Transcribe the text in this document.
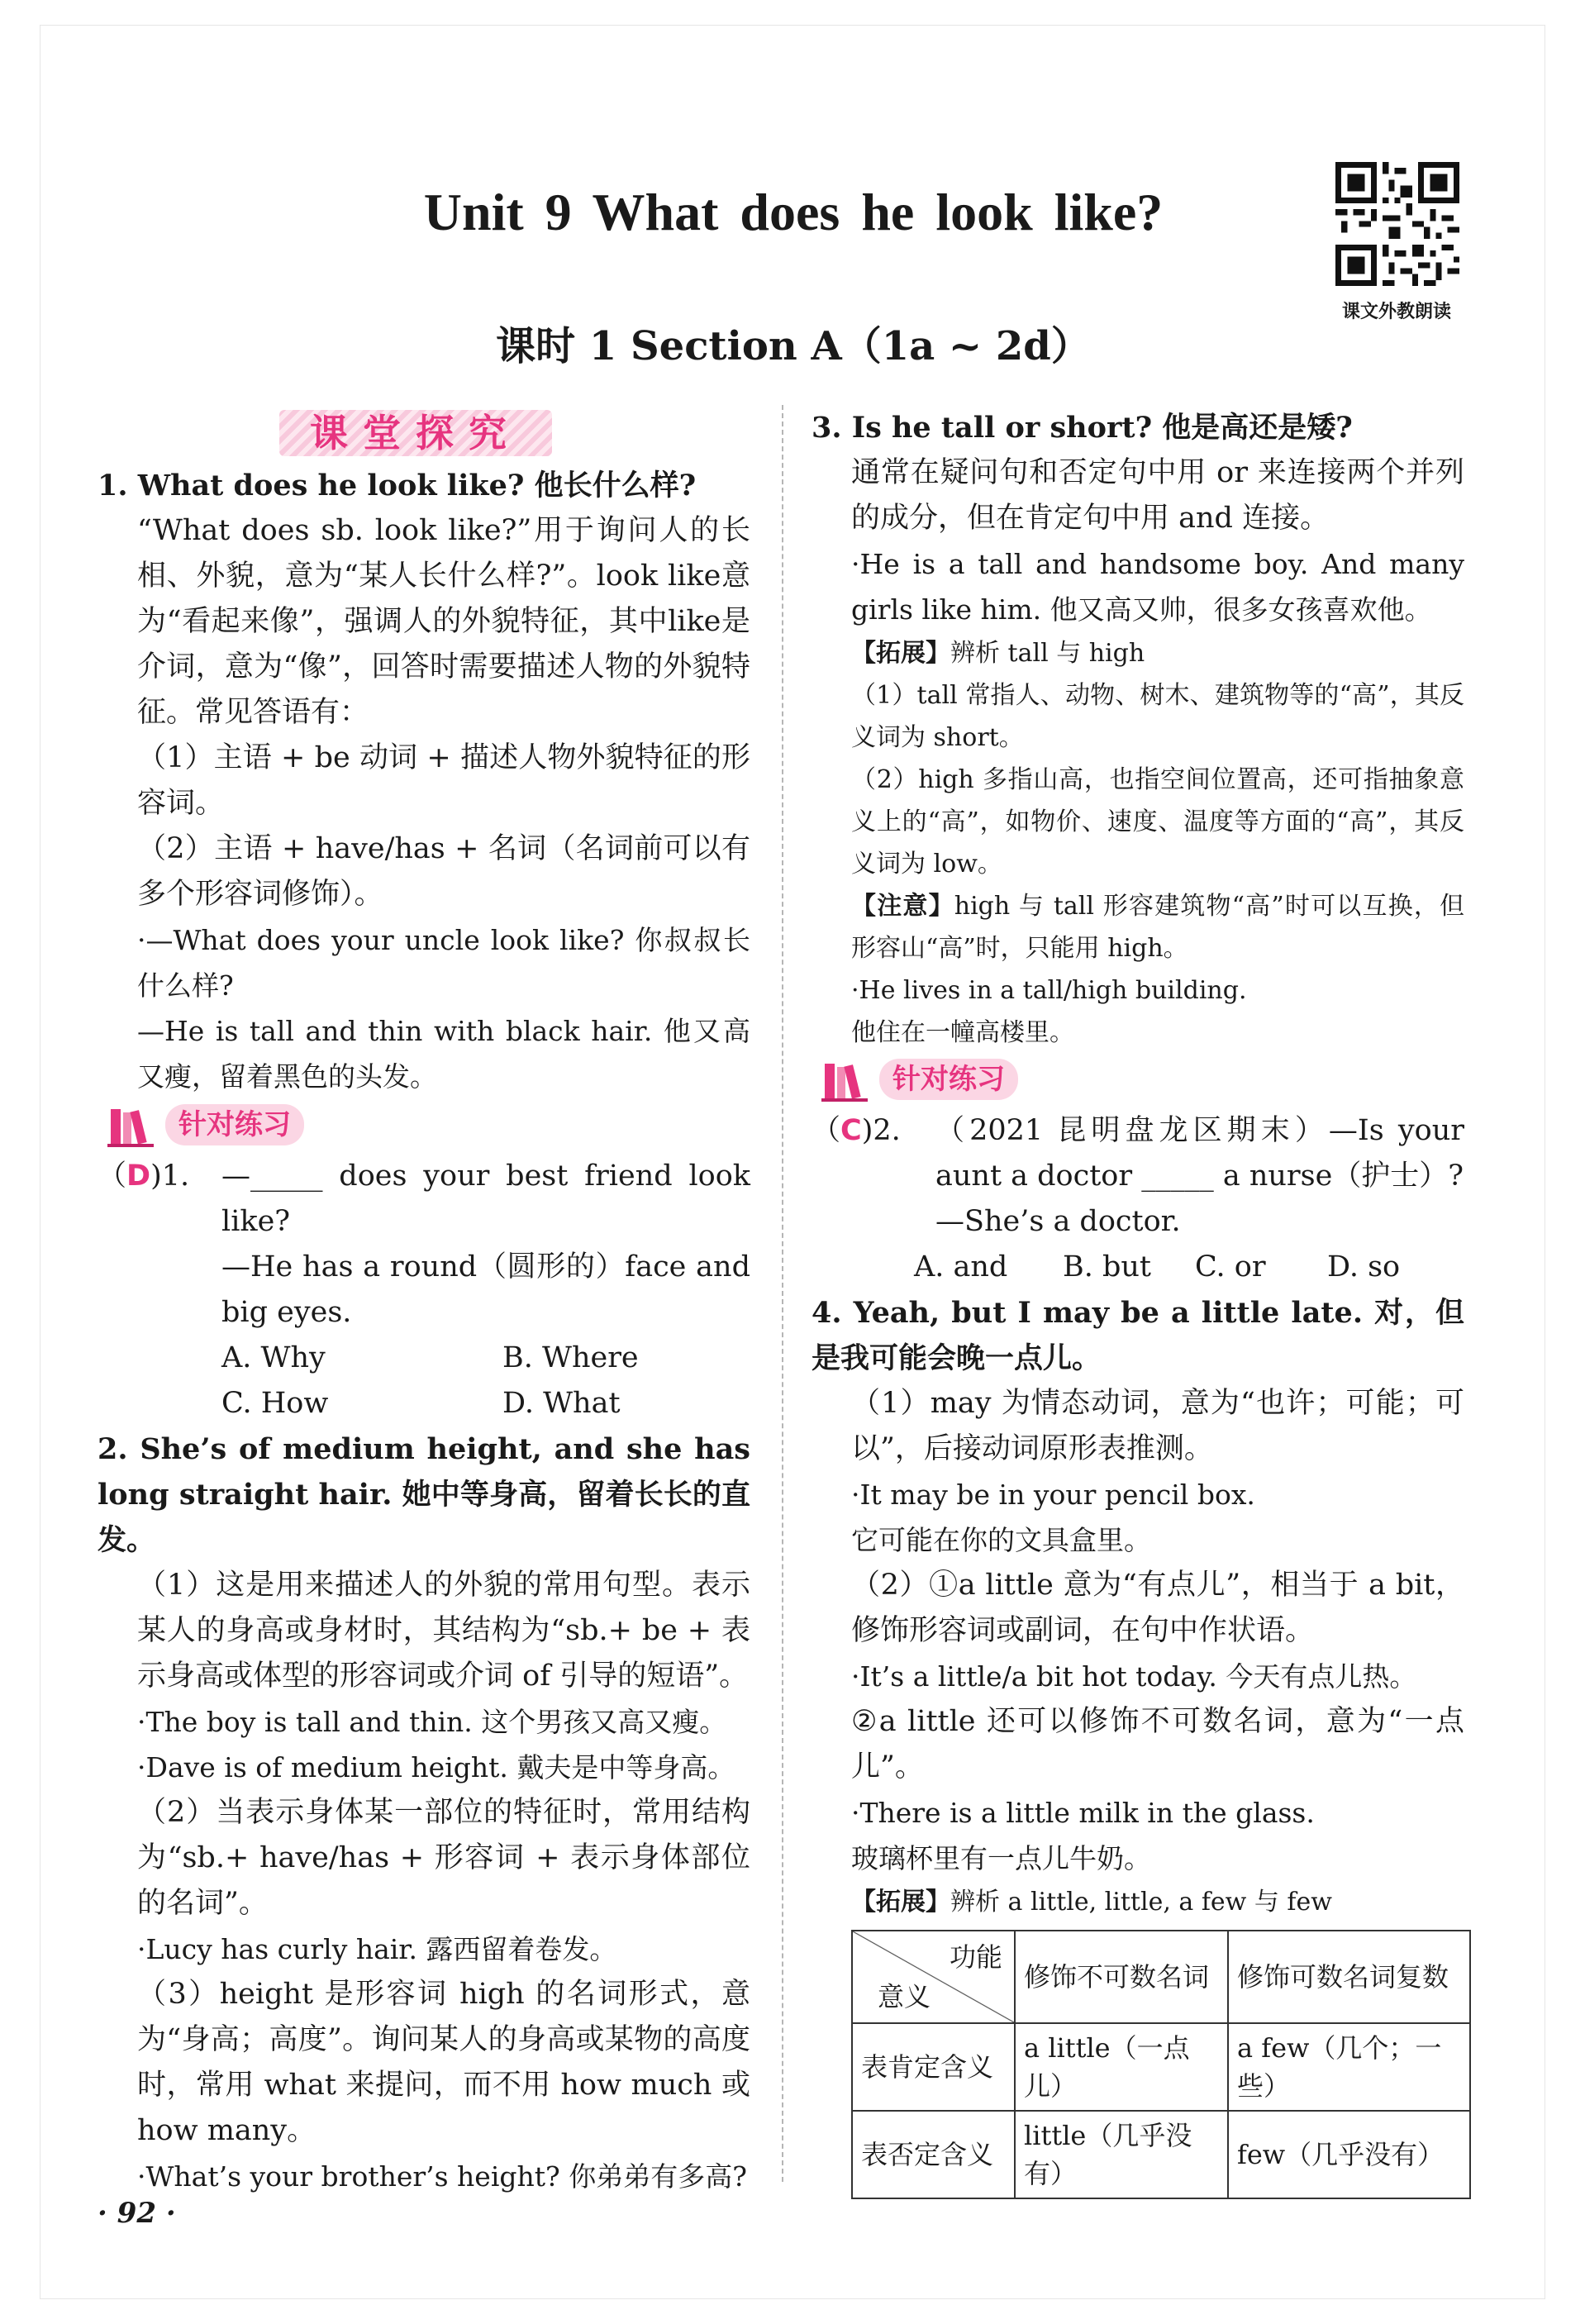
Unit 9 What does he look like?
课时 1 Section A（1a ~ 2d）
课文外教朗读
课堂探究

1. What does he look like? 他长什么样?

“What does sb. look like?”用于询问人的长相、外貌，意为“某人长什么样?”。look like意为“看起来像”，强调人的外貌特征，其中like是介词，意为“像”，回答时需要描述人物的外貌特征。常见答语有：

（1）主语 + be 动词 + 描述人物外貌特征的形容词。

（2）主语 + have/has + 名词（名词前可以有多个形容词修饰）。

·—What does your uncle look like? 你叔叔长什么样?

—He is tall and thin with black hair. 他又高又瘦，留着黑色的头发。

针对练习
（D)1.	—_____ does your best friend look like?

—He has a round（圆形的）face and big eyes.

A. Why	B. Where
C. How	D. What

2. She’s of medium height, and she has long straight hair. 她中等身高，留着长长的直发。

（1）这是用来描述人的外貌的常用句型。表示某人的身高或身材时，其结构为“sb.+ be + 表示身高或体型的形容词或介词 of 引导的短语”。

·The boy is tall and thin. 这个男孩又高又瘦。

·Dave is of medium height. 戴夫是中等身高。

（2）当表示身体某一部位的特征时，常用结构为“sb.+ have/has + 形容词 + 表示身体部位的名词”。

·Lucy has curly hair. 露西留着卷发。

（3）height 是形容词 high 的名词形式，意为“身高；高度”。询问某人的身高或某物的高度时，常用 what 来提问，而不用 how much 或 how many。

·What’s your brother’s height? 你弟弟有多高?

3. Is he tall or short? 他是高还是矮?

通常在疑问句和否定句中用 or 来连接两个并列的成分，但在肯定句中用 and 连接。

·He is a tall and handsome boy. And many girls like him. 他又高又帅，很多女孩喜欢他。

【拓展】辨析 tall 与 high

（1）tall 常指人、动物、树木、建筑物等的“高”，其反义词为 short。

（2）high 多指山高，也指空间位置高，还可指抽象意义上的“高”，如物价、速度、温度等方面的“高”，其反义词为 low。

【注意】high 与 tall 形容建筑物“高”时可以互换，但形容山“高”时，只能用 high。

·He lives in a tall/high building.

他住在一幢高楼里。

针对练习
（C)2.	（2021 昆明盘龙区期末）—Is your aunt a doctor _____ a nurse（护士）?

—She’s a doctor.

A. and	B. but	C. or	D. so

4. Yeah, but I may be a little late. 对，但是我可能会晚一点儿。

（1）may 为情态动词，意为“也许；可能；可以”，后接动词原形表推测。

·It may be in your pencil box.

它可能在你的文具盒里。

（2）①a little 意为“有点儿”，相当于 a bit，修饰形容词或副词，在句中作状语。

·It’s a little/a bit hot today. 今天有点儿热。

②a little 还可以修饰不可数名词，意为“一点儿”。

·There is a little milk in the glass.

玻璃杯里有一点儿牛奶。

【拓展】辨析 a little, little, a few 与 few

功能
意义	修饰不可数名词	修饰可数名词复数
表肯定含义	a little（一点儿）	a few（几个；一些）
表否定含义	little（几乎没有）	few（几乎没有）
· 92 ·
